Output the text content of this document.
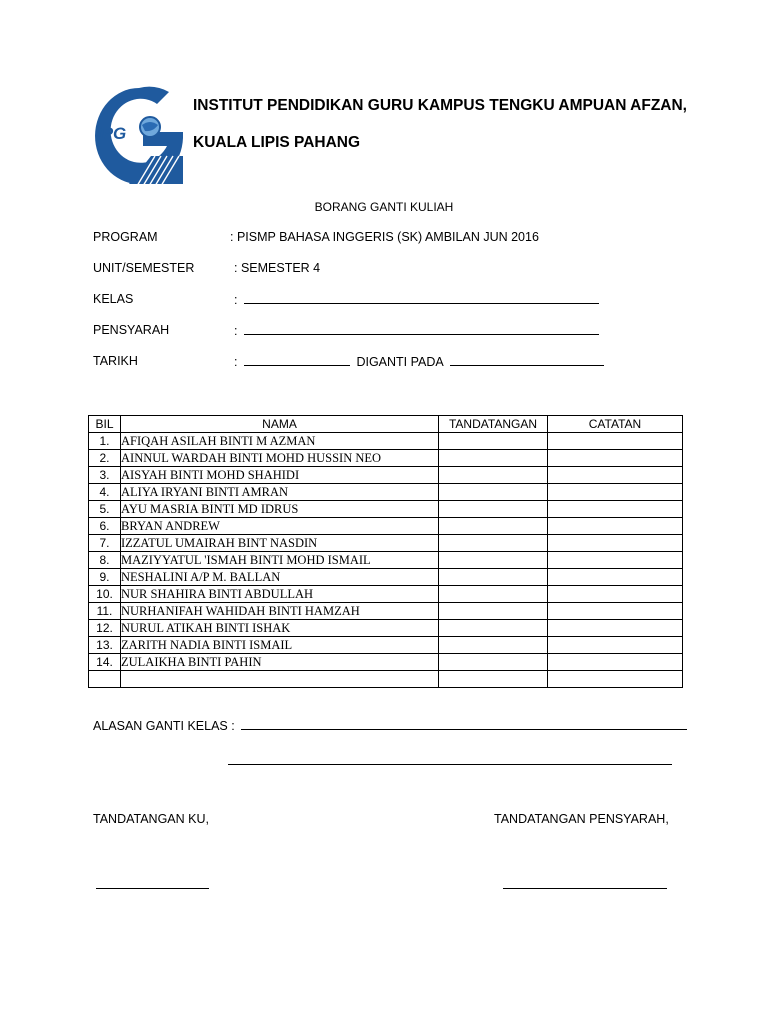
iPG
INSTITUT PENDIDIKAN GURU KAMPUS TENGKU AMPUAN AFZAN,
KUALA LIPIS PAHANG
BORANG GANTI KULIAH
PROGRAM	: PISMP BAHASA INGGERIS (SK) AMBILAN JUN 2016
UNIT/SEMESTER	: SEMESTER 4
KELAS	:
PENSYARAH	:
TARIKH	:	DIGANTI PADA
BIL	NAMA	TANDATANGAN	CATATAN
1.	AFIQAH ASILAH BINTI M AZMAN		
2.	AINNUL WARDAH BINTI MOHD HUSSIN NEO		
3.	AISYAH BINTI MOHD SHAHIDI		
4.	ALIYA IRYANI BINTI AMRAN		
5.	AYU MASRIA BINTI MD IDRUS		
6.	BRYAN ANDREW		
7.	IZZATUL UMAIRAH BINT NASDIN		
8.	MAZIYYATUL 'ISMAH BINTI MOHD ISMAIL		
9.	NESHALINI A/P M. BALLAN		
10.	NUR SHAHIRA BINTI ABDULLAH		
11.	NURHANIFAH WAHIDAH BINTI HAMZAH		
12.	NURUL ATIKAH BINTI ISHAK		
13.	ZARITH NADIA BINTI ISMAIL		
14.	ZULAIKHA BINTI PAHIN		

ALASAN GANTI KELAS :
TANDATANGAN KU,	TANDATANGAN PENSYARAH,
